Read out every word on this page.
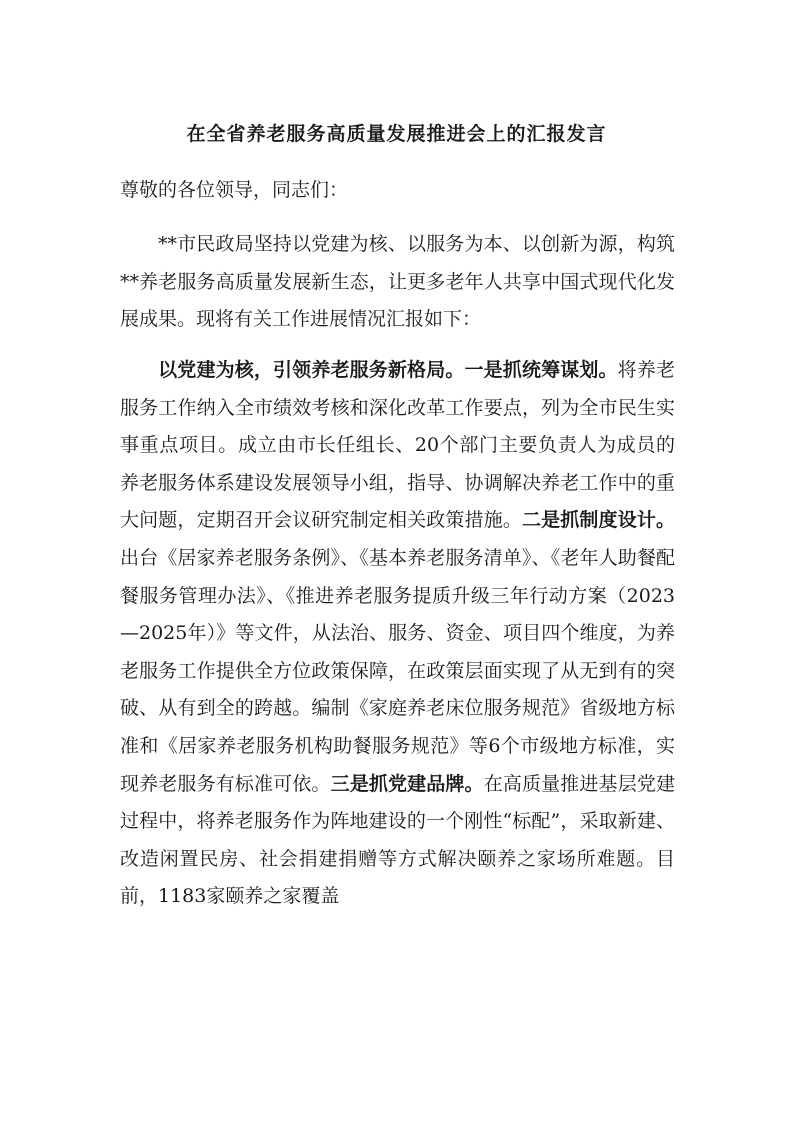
在全省养老服务高质量发展推进会上的汇报发言
尊敬的各位领导，同志们：

**市民政局坚持以党建为核、以服务为本、以创新为源，构筑**养老服务高质量发展新生态，让更多老年人共享中国式现代化发展成果。现将有关工作进展情况汇报如下：

以党建为核，引领养老服务新格局。一是抓统筹谋划。将养老服务工作纳入全市绩效考核和深化改革工作要点，列为全市民生实事重点项目。成立由市长任组长、20个部门主要负责人为成员的养老服务体系建设发展领导小组，指导、协调解决养老工作中的重大问题，定期召开会议研究制定相关政策措施。二是抓制度设计。出台《居家养老服务条例》、《基本养老服务清单》、《老年人助餐配餐服务管理办法》、《推进养老服务提质升级三年行动方案（2023—2025年）》等文件，从法治、服务、资金、项目四个维度，为养老服务工作提供全方位政策保障，在政策层面实现了从无到有的突破、从有到全的跨越。编制《家庭养老床位服务规范》省级地方标准和《居家养老服务机构助餐服务规范》等6个市级地方标准，实现养老服务有标准可依。三是抓党建品牌。在高质量推进基层党建过程中，将养老服务作为阵地建设的一个刚性“标配”，采取新建、改造闲置民房、社会捐建捐赠等方式解决颐养之家场所难题。目前，1183家颐养之家覆盖
